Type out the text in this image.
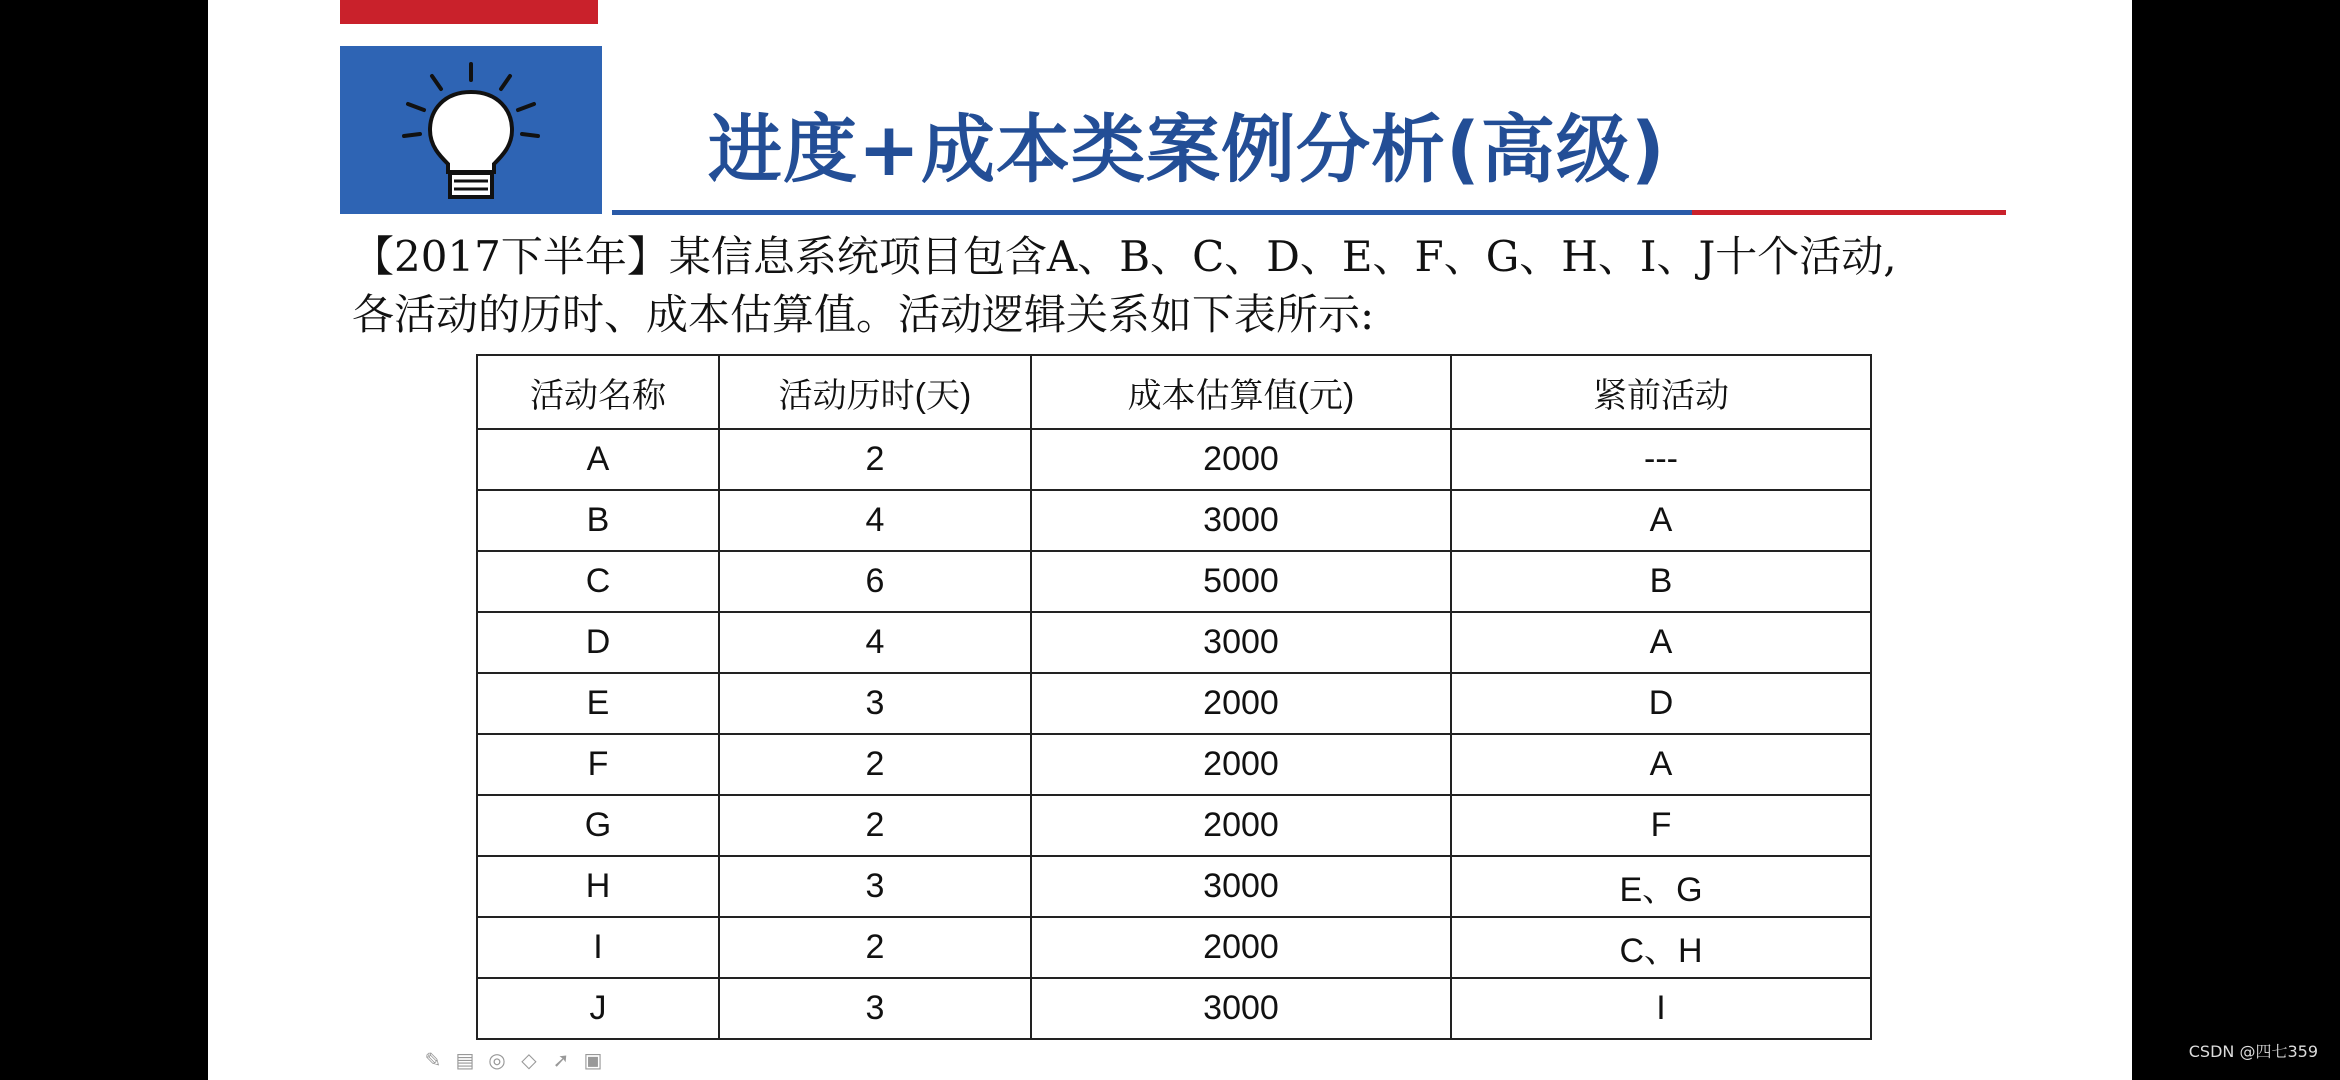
进度+成本类案例分析(高级)

【2017下半年】某信息系统项目包含A、B、C、D、E、F、G、H、I、J十个活动,

各活动的历时、成本估算值。活动逻辑关系如下表所示:

活动名称	活动历时(天)	成本估算值(元)	紧前活动
A	2	2000	---
B	4	3000	A
C	6	5000	B
D	4	3000	A
E	3	2000	D
F	2	2000	A
G	2	2000	F
H	3	3000	E、G
I	2	2000	C、H
J	3	3000	I
✎ ▤ ◎ ◇ ➚ ▣	CSDN @四七359
